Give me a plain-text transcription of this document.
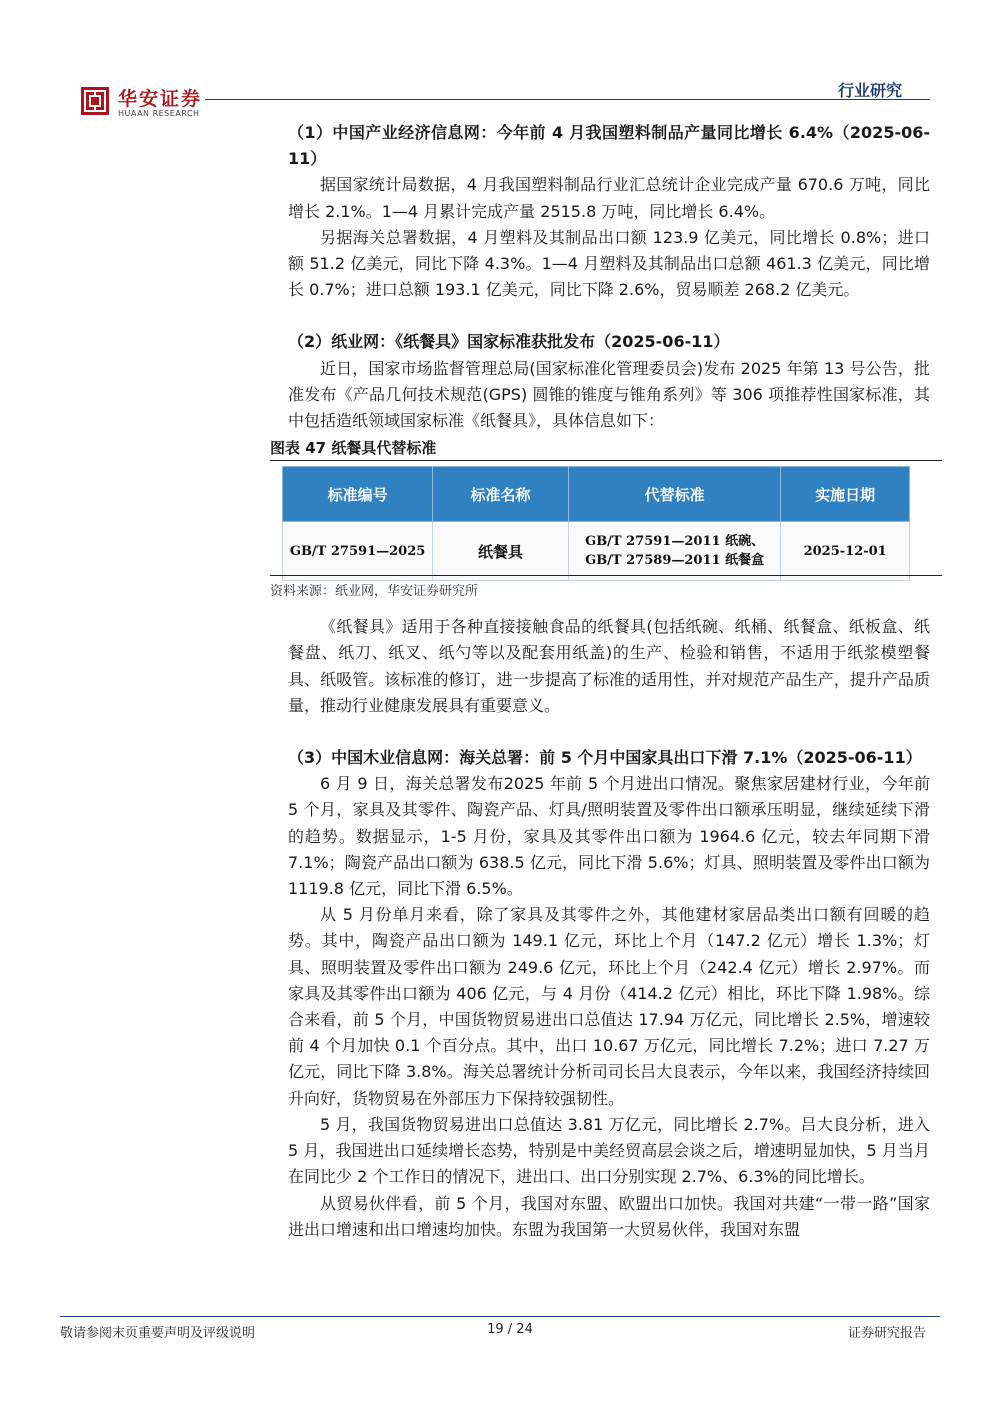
华安证券
HUAAN RESEARCH
行业研究

（1）中国产业经济信息网：今年前 4 月我国塑料制品产量同比增长 6.4%（2025-06-11）

据国家统计局数据，4 月我国塑料制品行业汇总统计企业完成产量 670.6 万吨，同比增长 2.1%。1—4 月累计完成产量 2515.8 万吨，同比增长 6.4%。

另据海关总署数据，4 月塑料及其制品出口额 123.9 亿美元，同比增长 0.8%；进口额 51.2 亿美元，同比下降 4.3%。1—4 月塑料及其制品出口总额 461.3 亿美元，同比增长 0.7%；进口总额 193.1 亿美元，同比下降 2.6%，贸易顺差 268.2 亿美元。

（2）纸业网：《纸餐具》国家标准获批发布（2025-06-11）

近日，国家市场监督管理总局(国家标准化管理委员会)发布 2025 年第 13 号公告，批准发布《产品几何技术规范(GPS) 圆锥的锥度与锥角系列》等 306 项推荐性国家标准，其中包括造纸领域国家标准《纸餐具》，具体信息如下：

《纸餐具》适用于各种直接接触食品的纸餐具(包括纸碗、纸桶、纸餐盒、纸板盒、纸餐盘、纸刀、纸叉、纸勺等以及配套用纸盖)的生产、检验和销售，不适用于纸浆模塑餐具、纸吸管。该标准的修订，进一步提高了标准的适用性，并对规范产品生产，提升产品质量，推动行业健康发展具有重要意义。

（3）中国木业信息网：海关总署：前 5 个月中国家具出口下滑 7.1%（2025-06-11）

6 月 9 日，海关总署发布2025 年前 5 个月进出口情况。聚焦家居建材行业，今年前 5 个月，家具及其零件、陶瓷产品、灯具/照明装置及零件出口额承压明显，继续延续下滑的趋势。数据显示，1-5 月份，家具及其零件出口额为 1964.6 亿元，较去年同期下滑 7.1%；陶瓷产品出口额为 638.5 亿元，同比下滑 5.6%；灯具、照明装置及零件出口额为 1119.8 亿元，同比下滑 6.5%。

从 5 月份单月来看，除了家具及其零件之外，其他建材家居品类出口额有回暖的趋势。其中，陶瓷产品出口额为 149.1 亿元，环比上个月（147.2 亿元）增长 1.3%；灯具、照明装置及零件出口额为 249.6 亿元，环比上个月（242.4 亿元）增长 2.97%。而家具及其零件出口额为 406 亿元，与 4 月份（414.2 亿元）相比，环比下降 1.98%。综合来看，前 5 个月，中国货物贸易进出口总值达 17.94 万亿元，同比增长 2.5%，增速较前 4 个月加快 0.1 个百分点。其中，出口 10.67 万亿元，同比增长 7.2%；进口 7.27 万亿元，同比下降 3.8%。海关总署统计分析司司长吕大良表示，今年以来，我国经济持续回升向好，货物贸易在外部压力下保持较强韧性。

5 月，我国货物贸易进出口总值达 3.81 万亿元，同比增长 2.7%。吕大良分析，进入 5 月，我国进出口延续增长态势，特别是中美经贸高层会谈之后，增速明显加快，5 月当月在同比少 2 个工作日的情况下，进出口、出口分别实现 2.7%、6.3%的同比增长。

从贸易伙伴看，前 5 个月，我国对东盟、欧盟出口加快。我国对共建“一带一路”国家进出口增速和出口增速均加快。东盟为我国第一大贸易伙伴，我国对东盟

图表 47 纸餐具代替标准
标准编号	标准名称	代替标准	实施日期
GB/T 27591—2025	纸餐具	GB/T 27591—2011 纸碗、
GB/T 27589—2011 纸餐盒	2025-12-01
资料来源：纸业网，华安证券研究所
敬请参阅末页重要声明及评级说明	19 / 24	证券研究报告
